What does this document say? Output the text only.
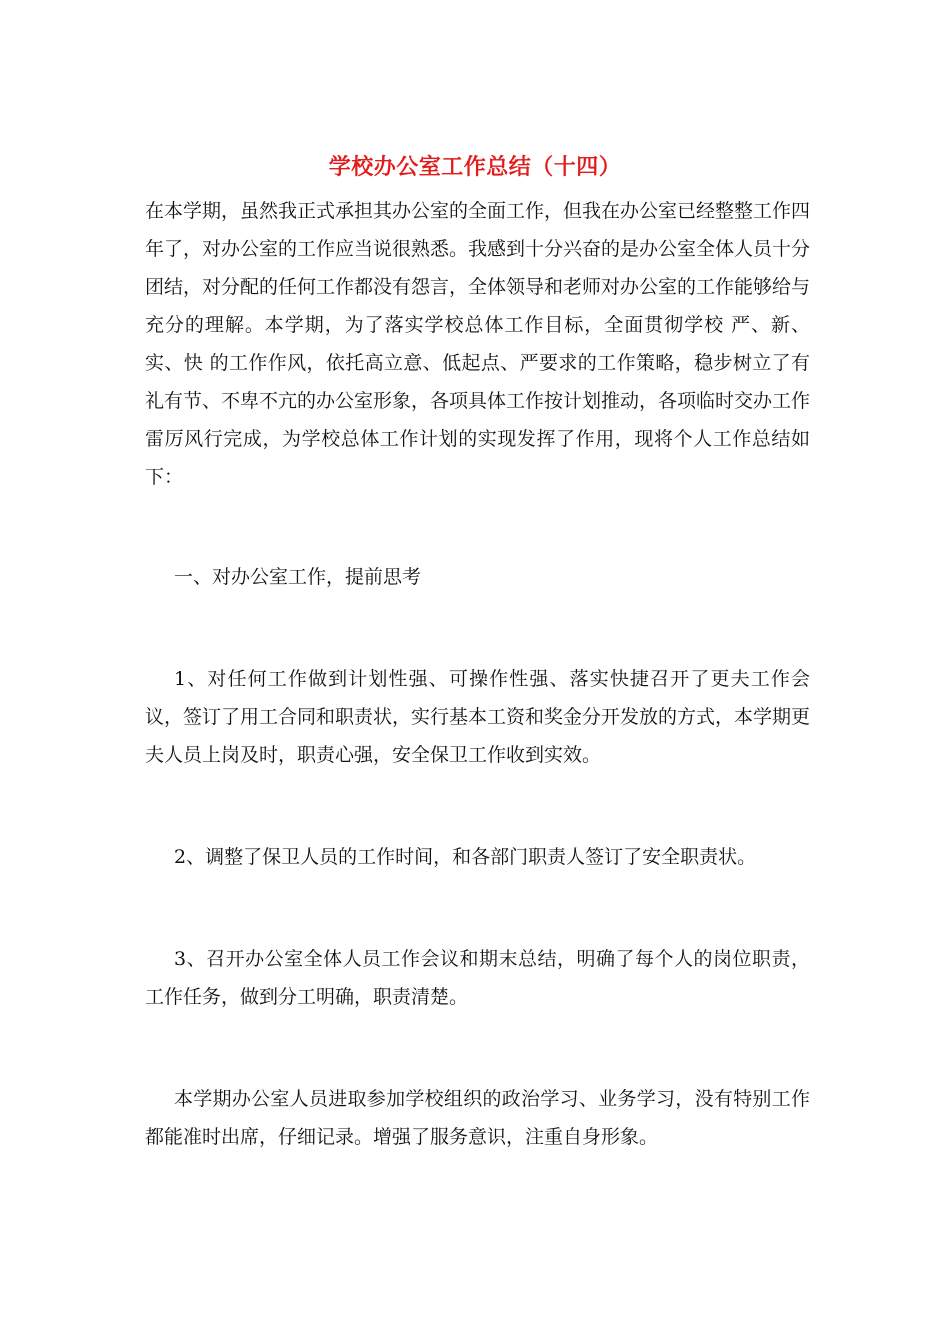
学校办公室工作总结（十四）

在本学期，虽然我正式承担其办公室的全面工作，但我在办公室已经整整工作四年了，对办公室的工作应当说很熟悉。我感到十分兴奋的是办公室全体人员十分团结，对分配的任何工作都没有怨言，全体领导和老师对办公室的工作能够给与充分的理解。本学期，为了落实学校总体工作目标，全面贯彻学校 严、新、实、快 的工作作风，依托高立意、低起点、严要求的工作策略，稳步树立了有礼有节、不卑不亢的办公室形象，各项具体工作按计划推动，各项临时交办工作雷厉风行完成，为学校总体工作计划的实现发挥了作用，现将个人工作总结如下：

一、对办公室工作，提前思考

1、对任何工作做到计划性强、可操作性强、落实快捷召开了更夫工作会议，签订了用工合同和职责状，实行基本工资和奖金分开发放的方式，本学期更夫人员上岗及时，职责心强，安全保卫工作收到实效。

2、调整了保卫人员的工作时间，和各部门职责人签订了安全职责状。

3、召开办公室全体人员工作会议和期末总结，明确了每个人的岗位职责，工作任务，做到分工明确，职责清楚。

本学期办公室人员进取参加学校组织的政治学习、业务学习，没有特别工作都能准时出席，仔细记录。增强了服务意识，注重自身形象。
